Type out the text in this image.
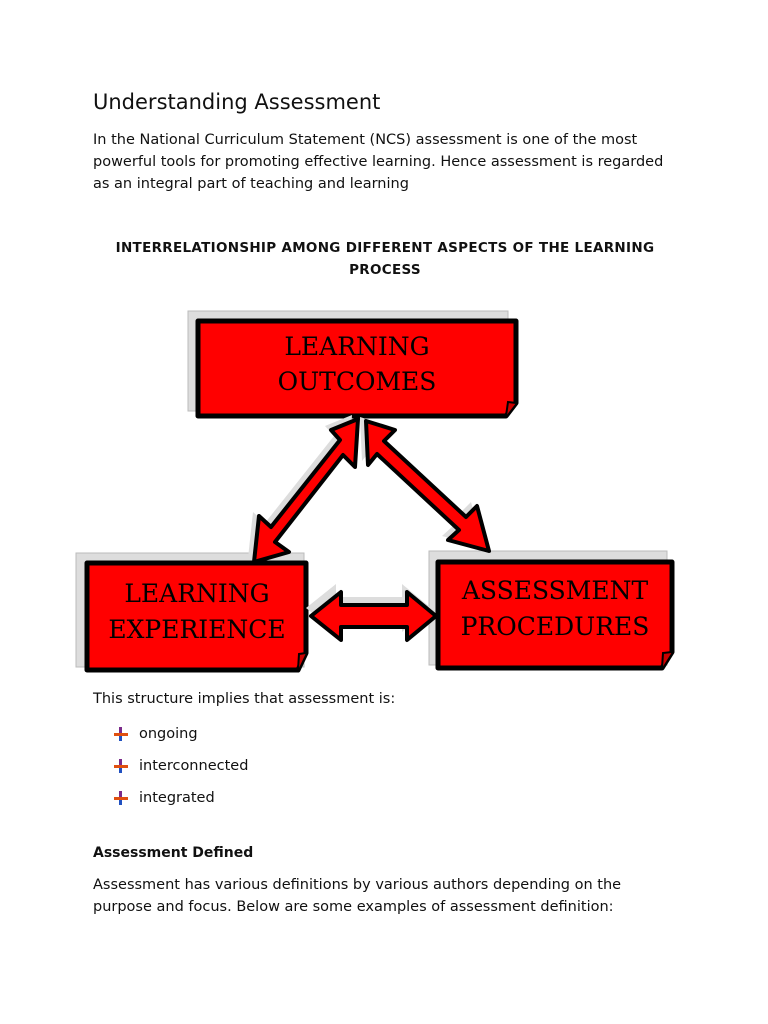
Understanding Assessment

In the National Curriculum Statement (NCS) assessment is one of the most powerful tools for promoting effective learning. Hence assessment is regarded as an integral part of teaching and learning

INTERRELATIONSHIP AMONG DIFFERENT ASPECTS OF THE LEARNING PROCESS

LEARNING
OUTCOMES
LEARNING
EXPERIENCE
ASSESSMENT
PROCEDURES

This structure implies that assessment is:

ongoing
interconnected
integrated
Assessment Defined

Assessment has various definitions by various authors depending on the purpose and focus. Below are some examples of assessment definition:
